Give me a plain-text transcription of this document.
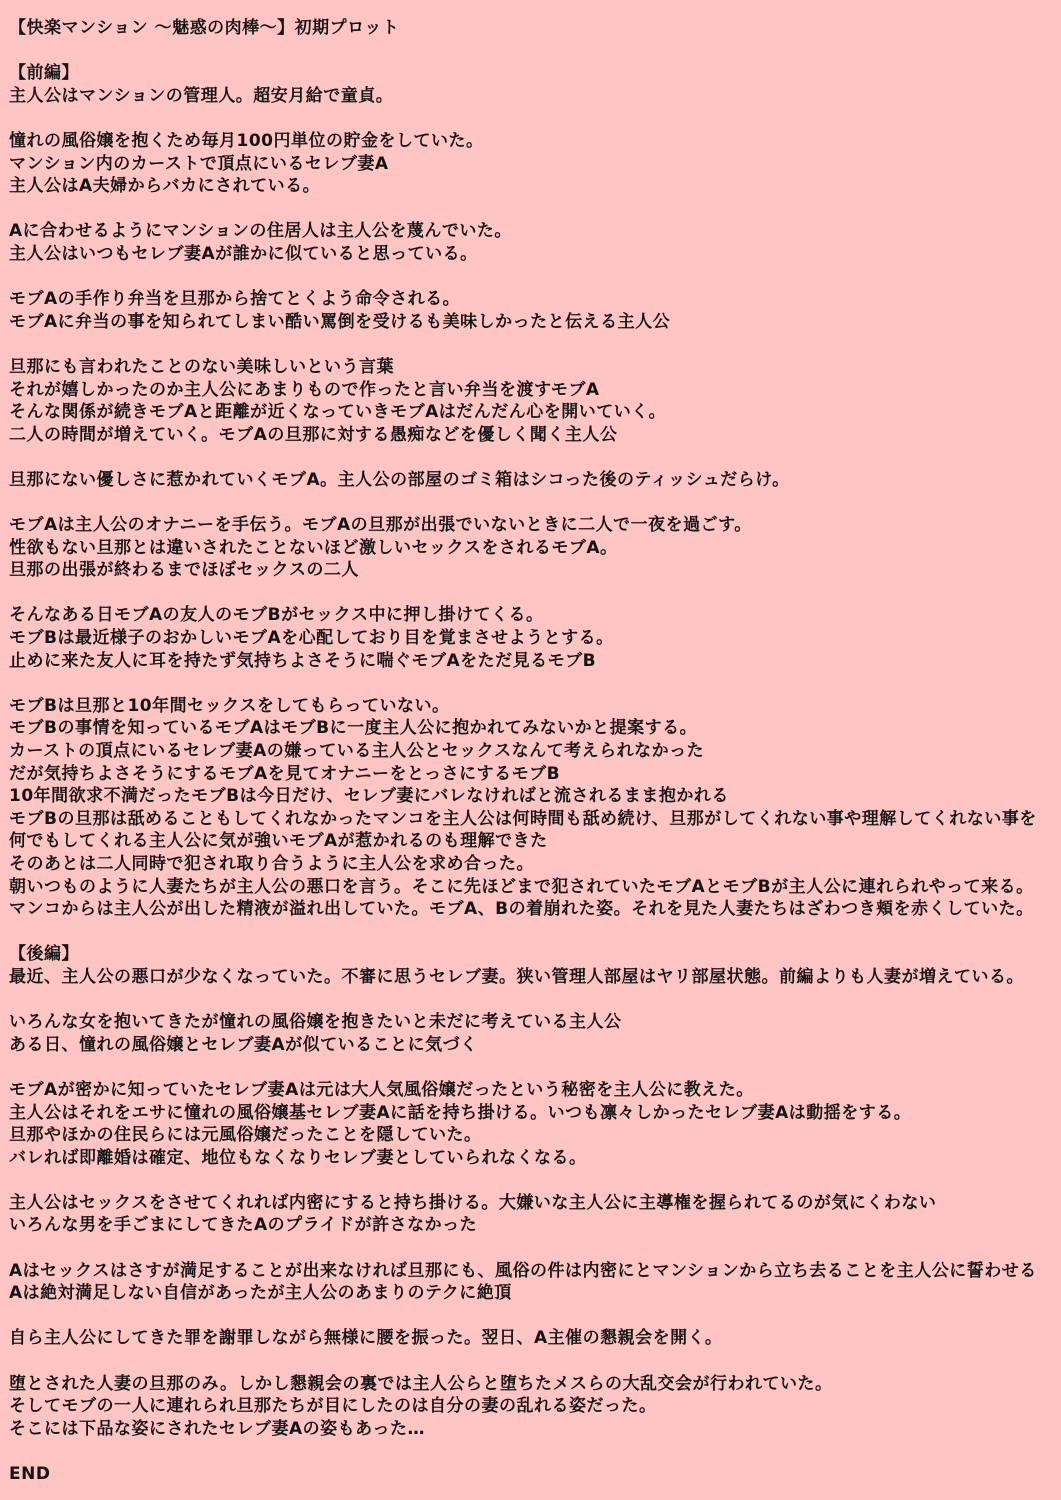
【快楽マンション ～魅惑の肉棒～】初期プロット

【前編】
主人公はマンションの管理人。超安月給で童貞。

憧れの風俗嬢を抱くため毎月100円単位の貯金をしていた。
マンション内のカーストで頂点にいるセレブ妻A
主人公はA夫婦からバカにされている。

Aに合わせるようにマンションの住居人は主人公を蔑んでいた。
主人公はいつもセレブ妻Aが誰かに似ていると思っている。

モブAの手作り弁当を旦那から捨てとくよう命令される。
モブAに弁当の事を知られてしまい酷い罵倒を受けるも美味しかったと伝える主人公

旦那にも言われたことのない美味しいという言葉
それが嬉しかったのか主人公にあまりもので作ったと言い弁当を渡すモブA
そんな関係が続きモブAと距離が近くなっていきモブAはだんだん心を開いていく。
二人の時間が増えていく。モブAの旦那に対する愚痴などを優しく聞く主人公

旦那にない優しさに惹かれていくモブA。主人公の部屋のゴミ箱はシコった後のティッシュだらけ。

モブAは主人公のオナニーを手伝う。モブAの旦那が出張でいないときに二人で一夜を過ごす。
性欲もない旦那とは違いされたことないほど激しいセックスをされるモブA。
旦那の出張が終わるまでほぼセックスの二人

そんなある日モブAの友人のモブBがセックス中に押し掛けてくる。
モブBは最近様子のおかしいモブAを心配しており目を覚まさせようとする。
止めに来た友人に耳を持たず気持ちよさそうに喘ぐモブAをただ見るモブB

モブBは旦那と10年間セックスをしてもらっていない。
モブBの事情を知っているモブAはモブBに一度主人公に抱かれてみないかと提案する。
カーストの頂点にいるセレブ妻Aの嫌っている主人公とセックスなんて考えられなかった
だが気持ちよさそうにするモブAを見てオナニーをとっさにするモブB
10年間欲求不満だったモブBは今日だけ、セレブ妻にバレなければと流されるまま抱かれる
モブBの旦那は舐めることもしてくれなかったマンコを主人公は何時間も舐め続け、旦那がしてくれない事や理解してくれない事を
何でもしてくれる主人公に気が強いモブAが惹かれるのも理解できた
そのあとは二人同時で犯され取り合うように主人公を求め合った。
朝いつものように人妻たちが主人公の悪口を言う。そこに先ほどまで犯されていたモブAとモブBが主人公に連れられやって来る。
マンコからは主人公が出した精液が溢れ出していた。モブA、Bの着崩れた姿。それを見た人妻たちはざわつき頬を赤くしていた。

【後編】
最近、主人公の悪口が少なくなっていた。不審に思うセレブ妻。狭い管理人部屋はヤリ部屋状態。前編よりも人妻が増えている。

いろんな女を抱いてきたが憧れの風俗嬢を抱きたいと未だに考えている主人公
ある日、憧れの風俗嬢とセレブ妻Aが似ていることに気づく

モブAが密かに知っていたセレブ妻Aは元は大人気風俗嬢だったという秘密を主人公に教えた。
主人公はそれをエサに憧れの風俗嬢基セレブ妻Aに話を持ち掛ける。いつも凛々しかったセレブ妻Aは動揺をする。
旦那やほかの住民らには元風俗嬢だったことを隠していた。
バレれば即離婚は確定、地位もなくなりセレブ妻としていられなくなる。

主人公はセックスをさせてくれれば内密にすると持ち掛ける。大嫌いな主人公に主導権を握られてるのが気にくわない
いろんな男を手ごまにしてきたAのプライドが許さなかった

Aはセックスはさすが満足することが出来なければ旦那にも、風俗の件は内密にとマンションから立ち去ることを主人公に誓わせる
Aは絶対満足しない自信があったが主人公のあまりのテクに絶頂

自ら主人公にしてきた罪を謝罪しながら無様に腰を振った。翌日、A主催の懇親会を開く。

堕とされた人妻の旦那のみ。しかし懇親会の裏では主人公らと堕ちたメスらの大乱交会が行われていた。
そしてモブの一人に連れられ旦那たちが目にしたのは自分の妻の乱れる姿だった。
そこには下品な姿にされたセレブ妻Aの姿もあった…

END
